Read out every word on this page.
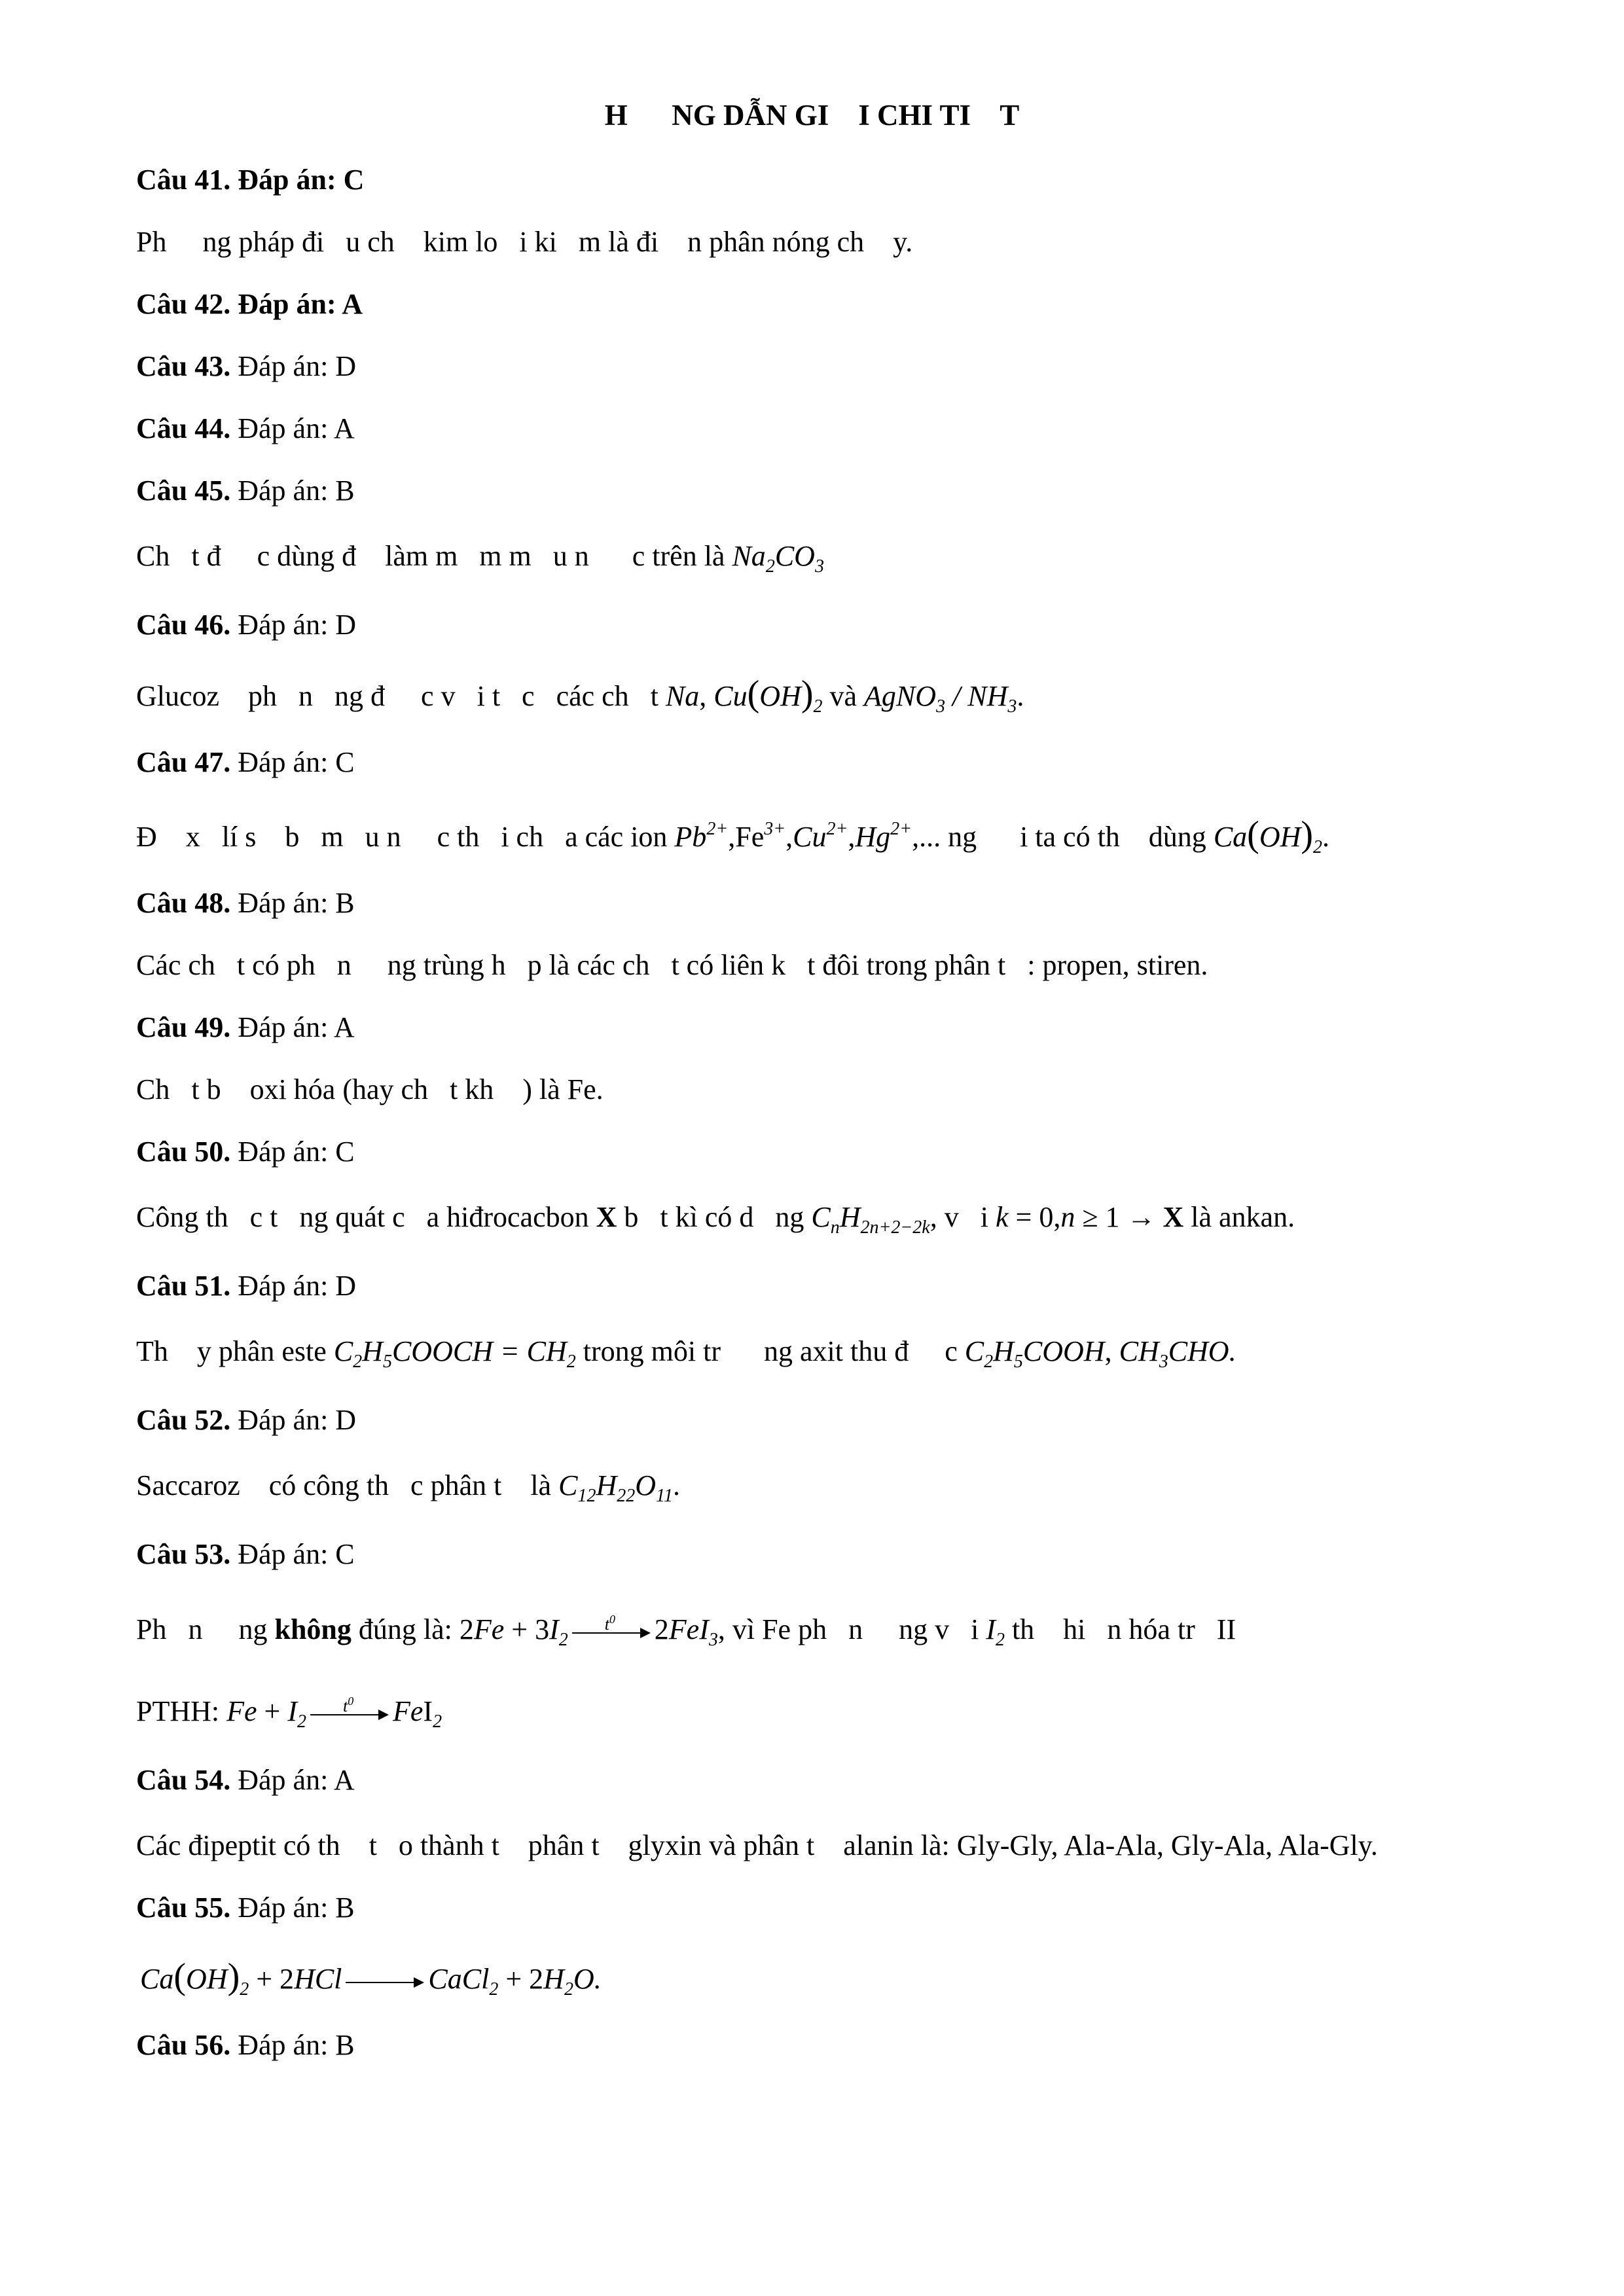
H      NG DẪN GI    I CHI TI    T
Câu 41. Đáp án: C
Ph     ng pháp đi   u ch    kim lo   i ki   m là đi    n phân nóng ch    y.
Câu 42. Đáp án: A
Câu 43. Đáp án: D
Câu 44. Đáp án: A
Câu 45. Đáp án: B
Ch   t đ     c dùng đ    làm m   m m   u n      c trên là $Na_2CO_3$
Câu 46. Đáp án: D
Glucoz    ph   n   ng đ     c v   i t   c   các ch   t Na, $Cu(OH)_2$ và AgNO$_3$ / $NH_3$.
Câu 47. Đáp án: C
Đ    x   lí s    b   m   u n     c th   i ch   a các ion $Pb^{2+},Fe^{3+},Cu^{2+},Hg^{2+}$,... ng      i ta có th    dùng $Ca(OH)_2$.
Câu 48. Đáp án: B
Các ch   t có ph   n     ng trùng h   p là các ch   t có liên k   t đôi trong phân t   : propen, stiren.
Câu 49. Đáp án: A
Ch   t b    oxi hóa (hay ch   t kh    ) là Fe.
Câu 50. Đáp án: C
Công th   c t   ng quát c   a hiđrocacbon X b   t kì có d   ng $C_nH_{2n+2-2k}$, v   i k = 0,n ≥ 1 → X là ankan.
Câu 51. Đáp án: D
Th    y phân este $C_2H_5COOCH = CH_2$ trong môi tr      ng axit thu đ     c $C_2H_5COOH$, $CH_3CHO$.
Câu 52. Đáp án: D
Saccaroz    có công th   c phân t    là $C_{12}H_{22}O_{11}$.
Câu 53. Đáp án: C
Ph   n     ng không đúng là: $2Fe + 3I_2$
$t^0$ 2FeI$_3$, vì Fe ph   n     ng v   i $I_2$ th    hi   n hóa tr   II
PTHH: $Fe + I_2$
$t^0$ FeI$_2$
Câu 54. Đáp án: A
Các đipeptit có th    t   o thành t    phân t    glyxin và phân t    alanin là: Gly-Gly, Ala-Ala, Gly-Ala, Ala-Gly.
Câu 55. Đáp án: B
$Ca(OH)_2 + 2HCl$	CaCl$_2$ + $2H_2O$.
Câu 56. Đáp án: B
